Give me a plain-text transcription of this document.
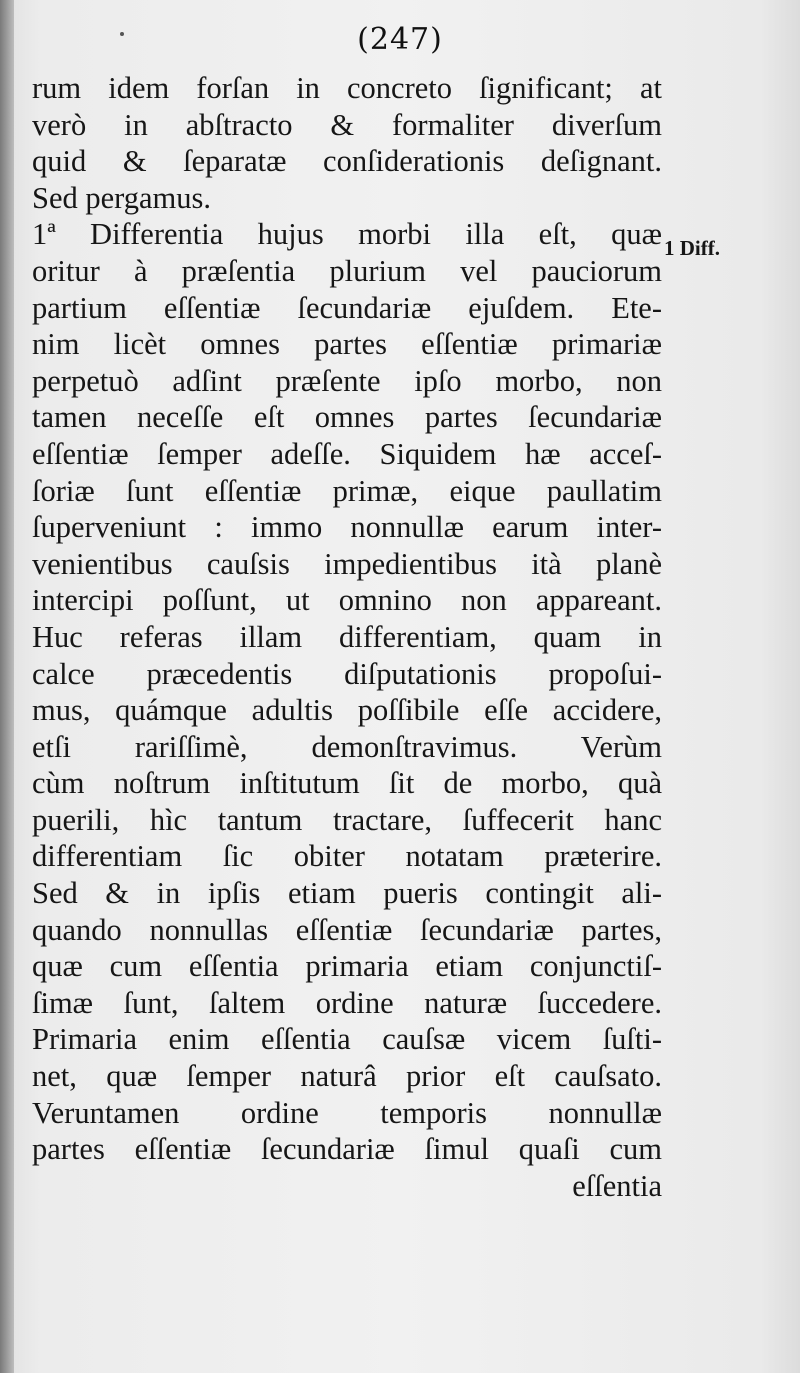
(247)
1 Diff.
rum idem forſan in concreto ſignificant; at
verò in abſtracto & formaliter diverſum
quid & ſeparatæ conſiderationis deſignant.
Sed pergamus.
1ª Differentia hujus morbi illa eſt, quæ
oritur à præſentia plurium vel pauciorum
partium eſſentiæ ſecundariæ ejuſdem. Ete-
nim licèt omnes partes eſſentiæ primariæ
perpetuò adſint præſente ipſo morbo, non
tamen neceſſe eſt omnes partes ſecundariæ
eſſentiæ ſemper adeſſe. Siquidem hæ acceſ-
ſoriæ ſunt eſſentiæ primæ, eique paullatim
ſuperveniunt : immo nonnullæ earum inter-
venientibus cauſsis impedientibus ità planè
intercipi poſſunt, ut omnino non appareant.
Huc referas illam differentiam, quam in
calce præcedentis diſputationis propoſui-
mus, quámque adultis poſſibile eſſe accidere,
etſi rariſſimè, demonſtravimus. Verùm
cùm noſtrum inſtitutum ſit de morbo, quà
puerili, hìc tantum tractare, ſuffecerit hanc
differentiam ſic obiter notatam præterire.
Sed & in ipſis etiam pueris contingit ali-
quando nonnullas eſſentiæ ſecundariæ partes,
quæ cum eſſentia primaria etiam conjunctiſ-
ſimæ ſunt, ſaltem ordine naturæ ſuccedere.
Primaria enim eſſentia cauſsæ vicem ſuſti-
net, quæ ſemper naturâ prior eſt cauſsato.
Veruntamen ordine temporis nonnullæ
partes eſſentiæ ſecundariæ ſimul quaſi cum
eſſentia
